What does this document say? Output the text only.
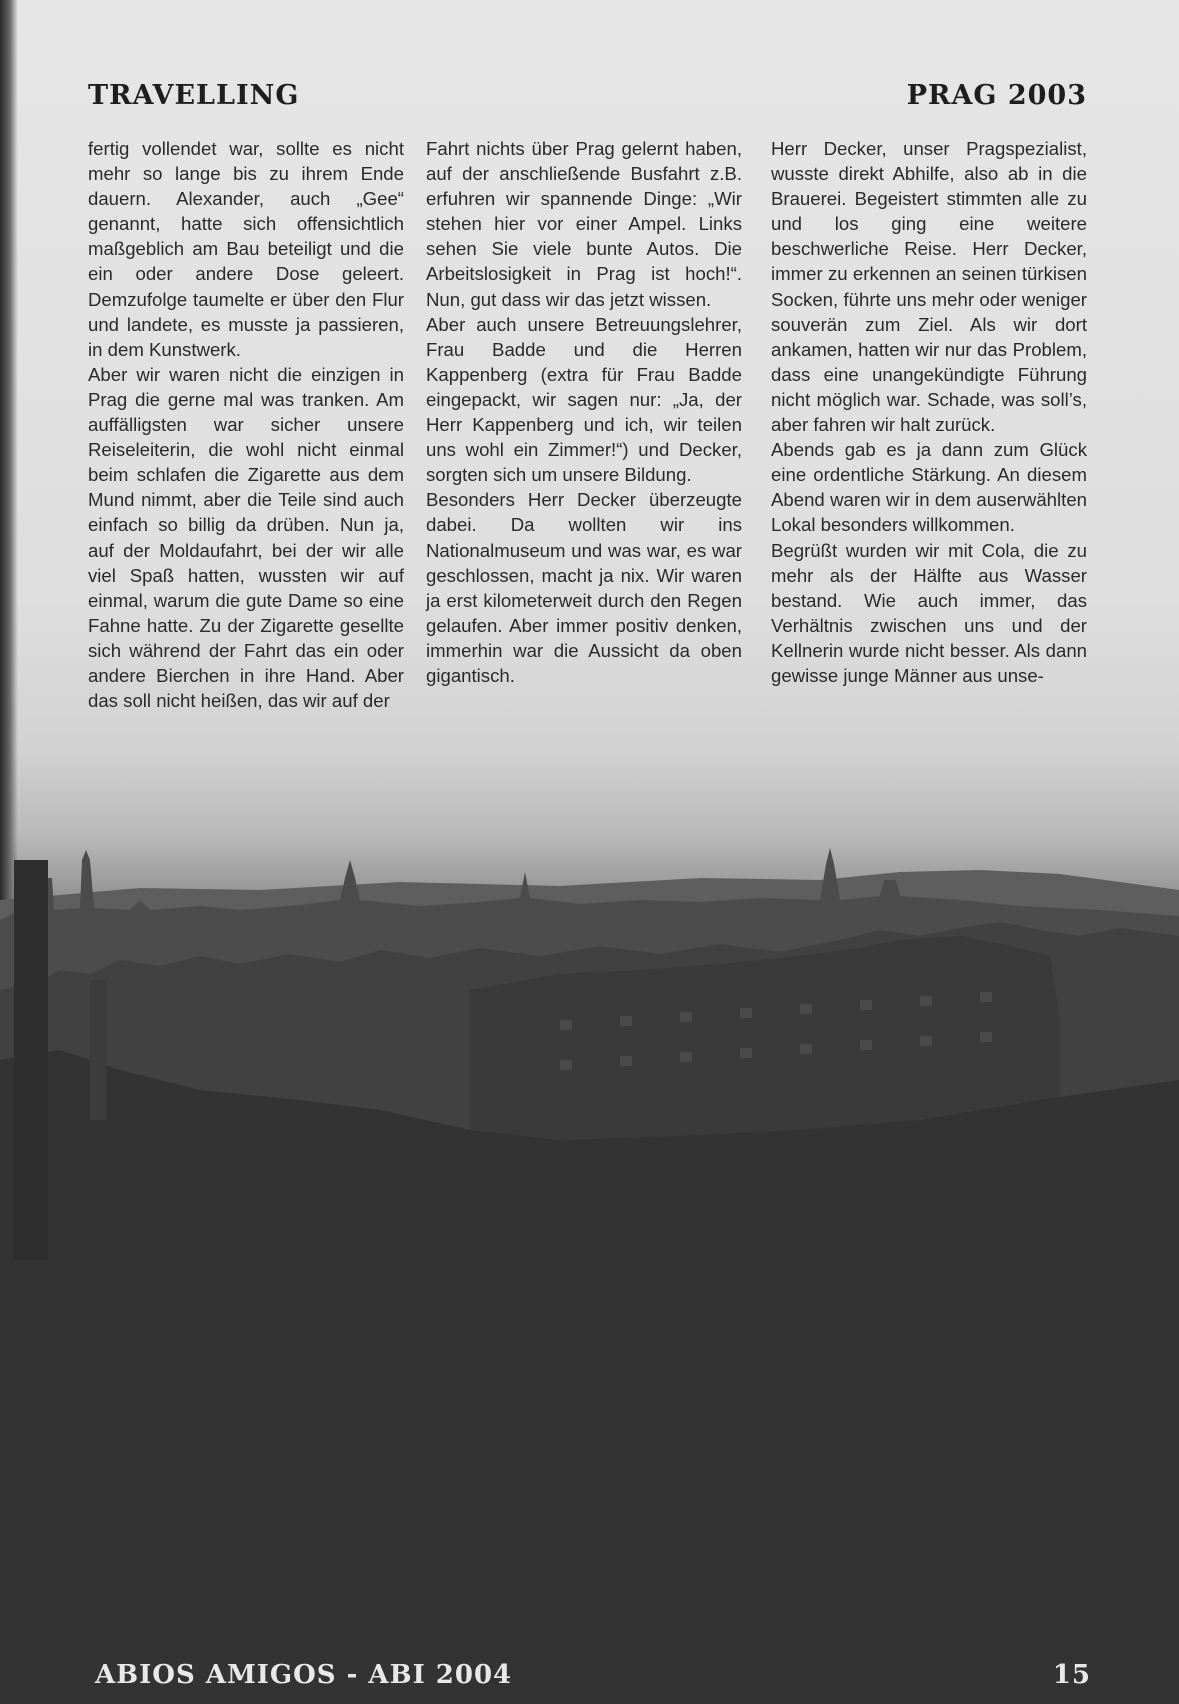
TRAVELLING	PRAG 2003

fertig vollendet war, sollte es nicht mehr so lange bis zu ihrem Ende dauern. Alexander, auch „Gee“ genannt, hatte sich offensichtlich maßgeblich am Bau beteiligt und die ein oder andere Dose geleert. Demzufolge taumelte er über den Flur und landete, es musste ja passieren, in dem Kunstwerk.

Aber wir waren nicht die einzigen in Prag die gerne mal was tranken. Am auffälligsten war sicher unsere Reiseleiterin, die wohl nicht einmal beim schlafen die Zigarette aus dem Mund nimmt, aber die Teile sind auch einfach so billig da drüben. Nun ja, auf der Moldaufahrt, bei der wir alle viel Spaß hatten, wussten wir auf einmal, warum die gute Dame so eine Fahne hatte. Zu der Zigarette gesellte sich während der Fahrt das ein oder andere Bierchen in ihre Hand. Aber das soll nicht heißen, das wir auf der

Fahrt nichts über Prag gelernt haben, auf der anschließende Busfahrt z.B. erfuhren wir spannende Dinge: „Wir stehen hier vor einer Ampel. Links sehen Sie viele bunte Autos. Die Arbeitslosigkeit in Prag ist hoch!“. Nun, gut dass wir das jetzt wissen.

Aber auch unsere Betreuungslehrer, Frau Badde und die Herren Kappenberg (extra für Frau Badde eingepackt, wir sagen nur: „Ja, der Herr Kappenberg und ich, wir teilen uns wohl ein Zimmer!“) und Decker, sorgten sich um unsere Bildung.

Besonders Herr Decker überzeugte dabei. Da wollten wir ins Nationalmuseum und was war, es war geschlossen, macht ja nix. Wir waren ja erst kilometerweit durch den Regen gelaufen. Aber immer positiv denken, immerhin war die Aussicht da oben gigantisch.

Herr Decker, unser Pragspezialist, wusste direkt Abhilfe, also ab in die Brauerei. Begeistert stimmten alle zu und los ging eine weitere beschwerliche Reise. Herr Decker, immer zu erkennen an seinen türkisen Socken, führte uns mehr oder weniger souverän zum Ziel. Als wir dort ankamen, hatten wir nur das Problem, dass eine unangekündigte Führung nicht möglich war. Schade, was soll’s, aber fahren wir halt zurück.

Abends gab es ja dann zum Glück eine ordentliche Stärkung. An diesem Abend waren wir in dem auserwählten Lokal besonders willkommen.

Begrüßt wurden wir mit Cola, die zu mehr als der Hälfte aus Wasser bestand. Wie auch immer, das Verhältnis zwischen uns und der Kellnerin wurde nicht besser. Als dann gewisse junge Männer aus unse-

ABIOS AMIGOS - ABI 2004	15
